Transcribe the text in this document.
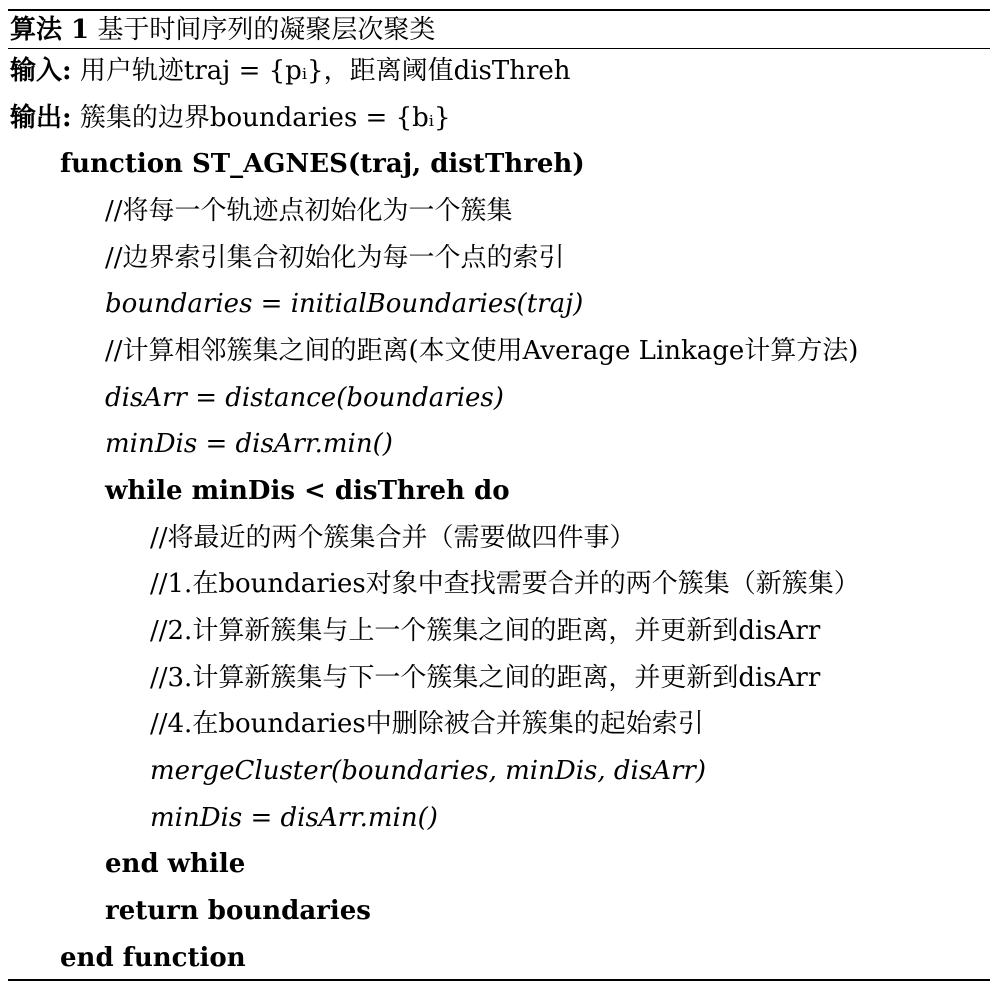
算法 1 基于时间序列的凝聚层次聚类
输入: 用户轨迹traj = {pᵢ}，距离阈值disThreh
输出: 簇集的边界boundaries = {bᵢ}
function ST_AGNES(traj, distThreh)
//将每一个轨迹点初始化为一个簇集
//边界索引集合初始化为每一个点的索引
boundaries = initialBoundaries(traj)
//计算相邻簇集之间的距离(本文使用Average Linkage计算方法)
disArr = distance(boundaries)
minDis = disArr.min()
while minDis < disThreh do
//将最近的两个簇集合并（需要做四件事）
//1.在boundaries对象中查找需要合并的两个簇集（新簇集）
//2.计算新簇集与上一个簇集之间的距离，并更新到disArr
//3.计算新簇集与下一个簇集之间的距离，并更新到disArr
//4.在boundaries中删除被合并簇集的起始索引
mergeCluster(boundaries, minDis, disArr)
minDis = disArr.min()
end while
return boundaries
end function
